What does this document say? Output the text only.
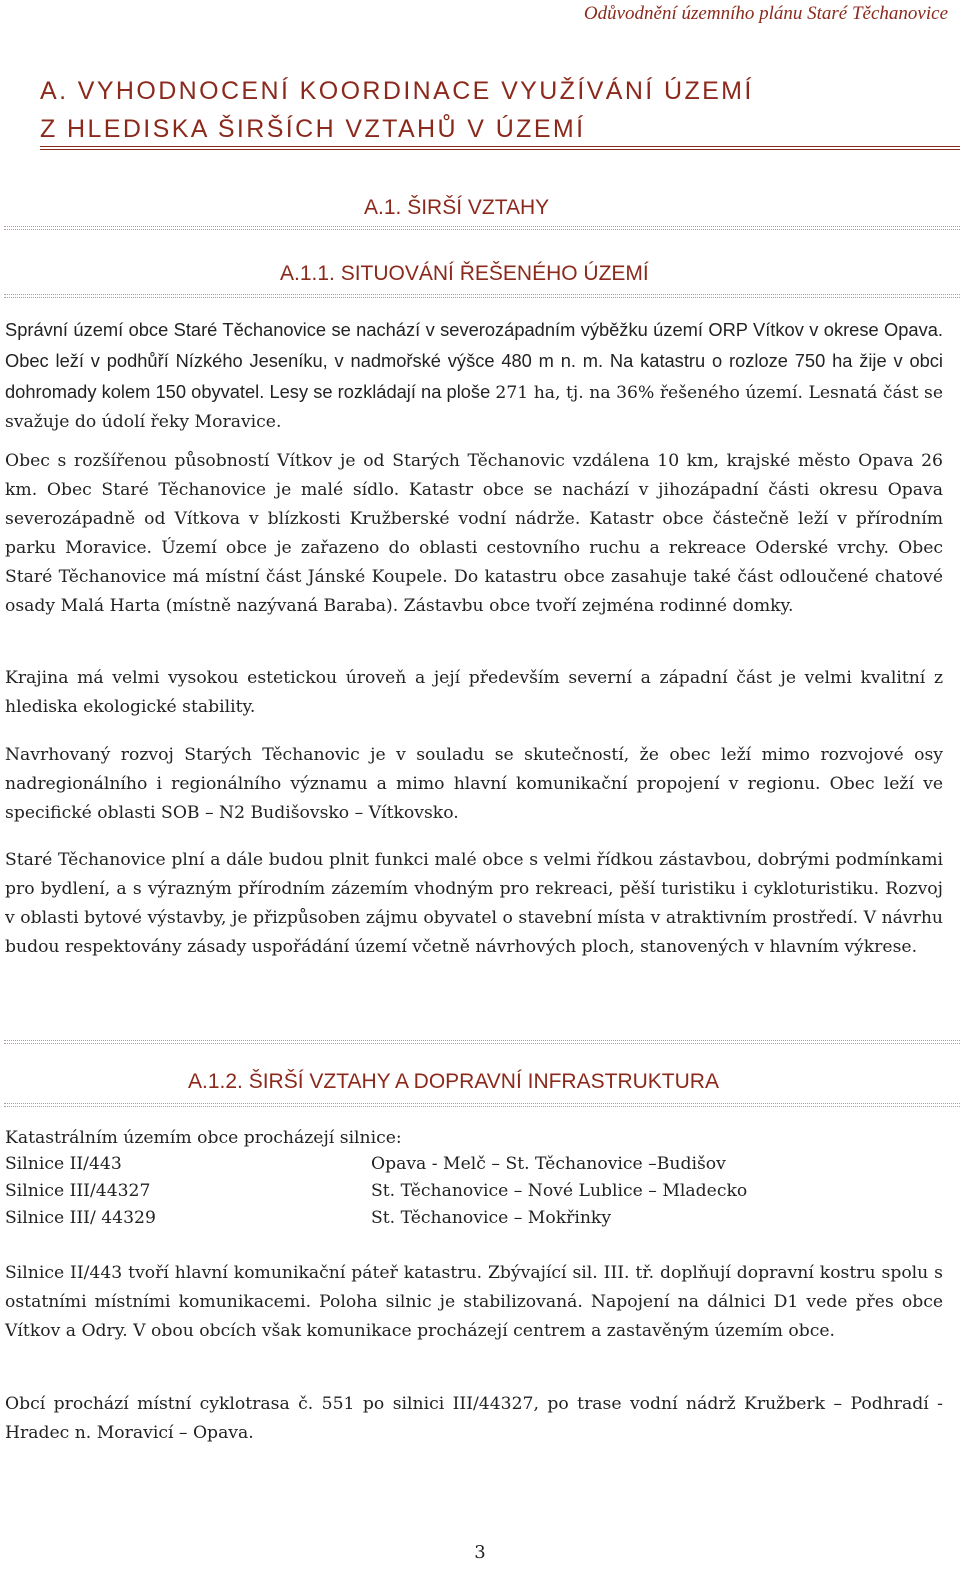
Odůvodnění územního plánu Staré Těchanovice
A. VYHODNOCENÍ KOORDINACE VYUŽÍVÁNÍ ÚZEMÍ
Z HLEDISKA ŠIRŠÍCH VZTAHŮ V ÚZEMÍ
A.1. ŠIRŠÍ VZTAHY
A.1.1. SITUOVÁNÍ ŘEŠENÉHO ÚZEMÍ

Správní území obce Staré Těchanovice se nachází v severozápadním výběžku území ORP Vítkov v okrese Opava. Obec leží v podhůří Nízkého Jeseníku, v nadmořské výšce 480 m n. m. Na katastru o rozloze 750 ha žije v obci dohromady kolem 150 obyvatel. Lesy se rozkládají na ploše 271 ha, tj. na 36% řešeného území. Lesnatá část se svažuje do údolí řeky Moravice.

Obec s rozšířenou působností Vítkov je od Starých Těchanovic vzdálena 10 km, krajské město Opava 26 km. Obec Staré Těchanovice je malé sídlo. Katastr obce se nachází v jihozápadní části okresu Opava severozápadně od Vítkova v blízkosti Kružberské vodní nádrže. Katastr obce částečně leží v přírodním parku Moravice. Území obce je zařazeno do oblasti cestovního ruchu a rekreace Oderské vrchy. Obec Staré Těchanovice má místní část Jánské Koupele. Do katastru obce zasahuje také část odloučené chatové osady Malá Harta (místně nazývaná Baraba). Zástavbu obce tvoří zejména rodinné domky.

Krajina má velmi vysokou estetickou úroveň a její především severní a západní část je velmi kvalitní z hlediska ekologické stability.

Navrhovaný rozvoj Starých Těchanovic je v souladu se skutečností, že obec leží mimo rozvojové osy nadregionálního i regionálního významu a mimo hlavní komunikační propojení v regionu. Obec leží ve specifické oblasti SOB – N2 Budišovsko – Vítkovsko.

Staré Těchanovice plní a dále budou plnit funkci malé obce s velmi řídkou zástavbou, dobrými podmínkami pro bydlení, a s výrazným přírodním zázemím vhodným pro rekreaci, pěší turistiku i cykloturistiku. Rozvoj v oblasti bytové výstavby, je přizpůsoben zájmu obyvatel o stavební místa v atraktivním prostředí. V návrhu budou respektovány zásady uspořádání území včetně návrhových ploch, stanovených v hlavním výkrese.

A.1.2. ŠIRŠÍ VZTAHY A DOPRAVNÍ INFRASTRUKTURA

Katastrálním územím obce procházejí silnice:

Silnice II/443	Opava - Melč – St. Těchanovice –Budišov
Silnice III/44327	St. Těchanovice – Nové Lublice – Mladecko
Silnice III/ 44329	St. Těchanovice – Mokřinky

Silnice II/443 tvoří hlavní komunikační páteř katastru. Zbývající sil. III. tř. doplňují dopravní kostru spolu s ostatními místními komunikacemi. Poloha silnic je stabilizovaná. Napojení na dálnici D1 vede přes obce Vítkov a Odry. V obou obcích však komunikace procházejí centrem a zastavěným územím obce.

Obcí prochází místní cyklotrasa č. 551 po silnici III/44327, po trase vodní nádrž Kružberk – Podhradí - Hradec n. Moravicí – Opava.

3
